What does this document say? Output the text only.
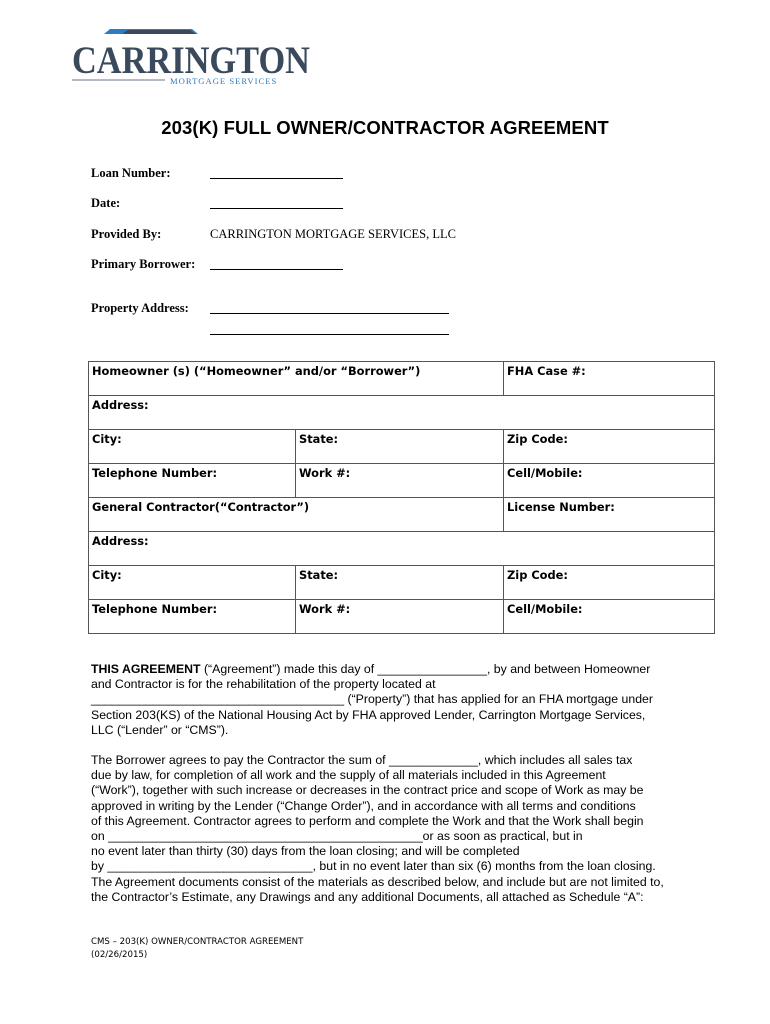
CARRINGTON
MORTGAGE SERVICES
203(K) FULL OWNER/CONTRACTOR AGREEMENT
Loan Number:
Date:
Provided By:	CARRINGTON MORTGAGE SERVICES, LLC
Primary Borrower:
Property Address:
Homeowner (s) (“Homeowner” and/or “Borrower”)		FHA Case #:
Address:		
City:	State:	Zip Code:
Telephone Number:	Work #:	Cell/Mobile:
General Contractor(“Contractor”)		License Number:
Address:		
City:	State:	Zip Code:
Telephone Number:	Work #:	Cell/Mobile:
THIS AGREEMENT (“Agreement”) made this day of ________________, by and between Homeowner
and Contractor is for the rehabilitation of the property located at
_____________________________________ (“Property”) that has applied for an FHA mortgage under
Section 203(KS) of the National Housing Act by FHA approved Lender, Carrington Mortgage Services,
LLC (“Lender” or “CMS”).
The Borrower agrees to pay the Contractor the sum of _____________, which includes all sales tax
due by law, for completion of all work and the supply of all materials included in this Agreement
(“Work”), together with such increase or decreases in the contract price and scope of Work as may be
approved in writing by the Lender (“Change Order”), and in accordance with all terms and conditions
of this Agreement. Contractor agrees to perform and complete the Work and that the Work shall begin
on ______________________________________________or as soon as practical, but in
no event later than thirty (30) days from the loan closing; and will be completed
by ______________________________, but in no event later than six (6) months from the loan closing.
The Agreement documents consist of the materials as described below, and include but are not limited to,
the Contractor’s Estimate, any Drawings and any additional Documents, all attached as Schedule “A”:
CMS – 203(K) OWNER/CONTRACTOR AGREEMENT
(02/26/2015)
